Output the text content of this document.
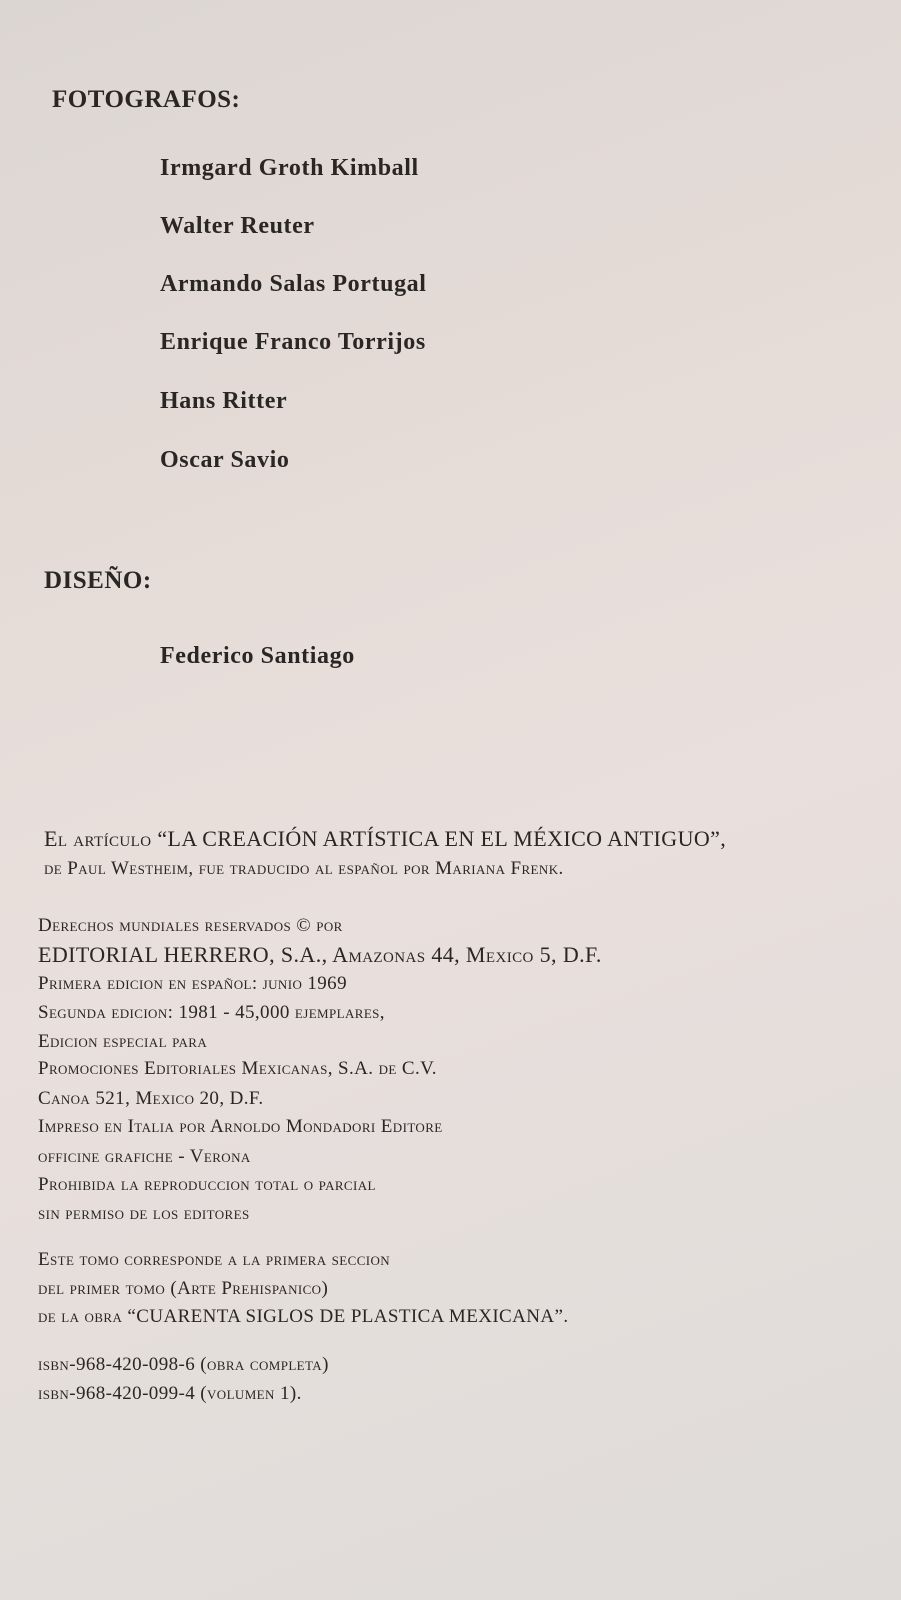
FOTOGRAFOS:
Irmgard Groth Kimball
Walter Reuter
Armando Salas Portugal
Enrique Franco Torrijos
Hans Ritter
Oscar Savio
DISEÑO:
Federico Santiago
El artículo “LA CREACIÓN ARTÍSTICA EN EL MÉXICO ANTIGUO”,
de Paul Westheim, fue traducido al español por Mariana Frenk.
Derechos mundiales reservados © por
EDITORIAL HERRERO, S.A., Amazonas 44, Mexico 5, D.F.
Primera edicion en español: junio 1969
Segunda edicion: 1981 - 45,000 ejemplares,
Edicion especial para
Promociones Editoriales Mexicanas, S.A. de C.V.
Canoa 521, Mexico 20, D.F.
Impreso en Italia por Arnoldo Mondadori Editore
officine grafiche - Verona
Prohibida la reproduccion total o parcial
sin permiso de los editores
Este tomo corresponde a la primera seccion
del primer tomo (Arte Prehispanico)
de la obra “CUARENTA SIGLOS DE PLASTICA MEXICANA”.
isbn-968-420-098-6 (obra completa)
isbn-968-420-099-4 (volumen 1).
